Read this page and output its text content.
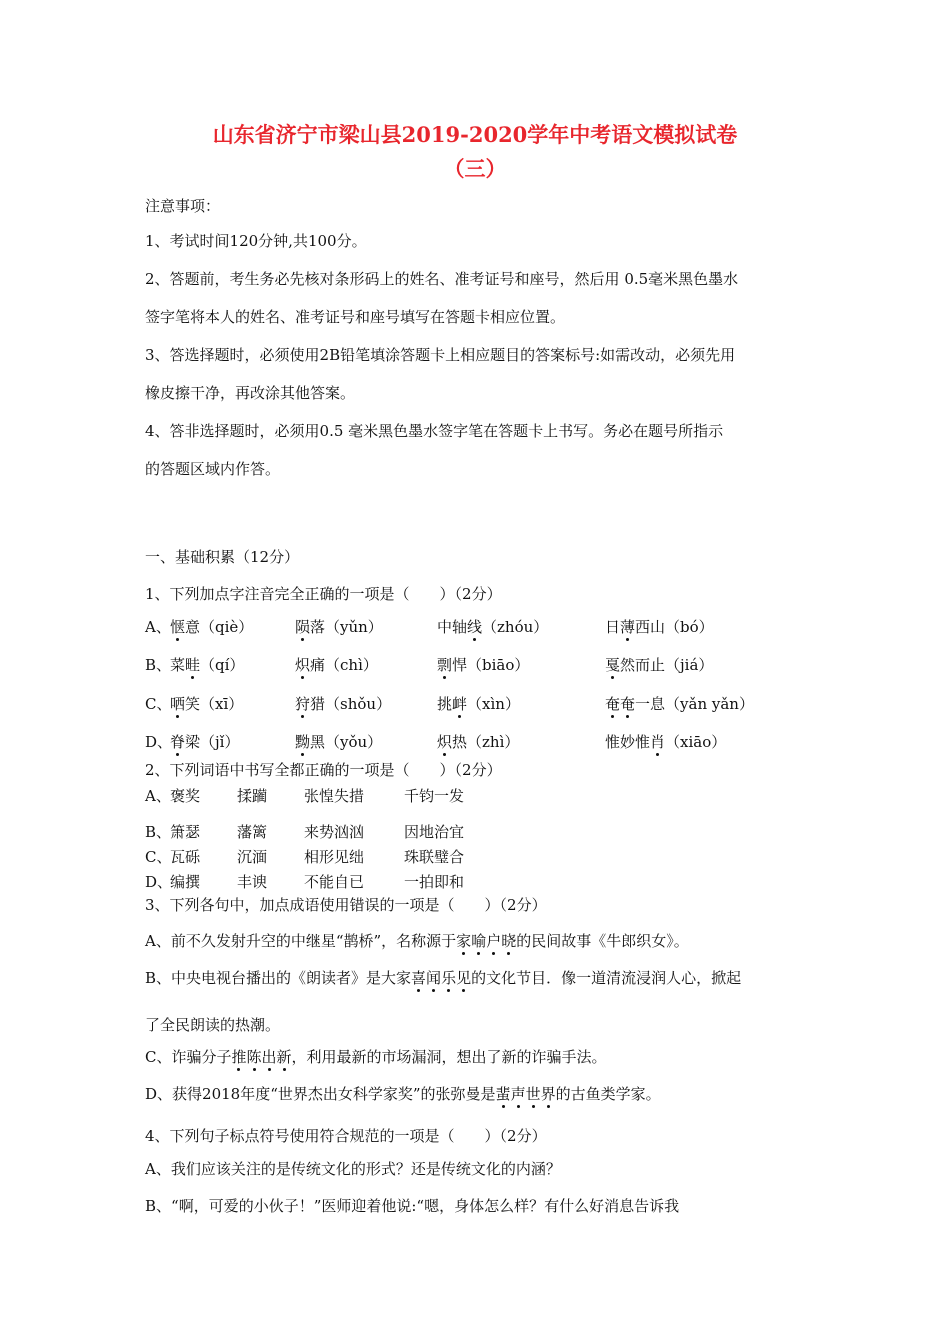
山东省济宁市梁山县2019-2020学年中考语文模拟试卷
（三）
注意事项：
1、考试时间120分钟,共100分。
2、答题前，考生务必先核对条形码上的姓名、准考证号和座号，然后用 0.5毫米黑色墨水
签字笔将本人的姓名、准考证号和座号填写在答题卡相应位置。
3、答选择题时，必须使用2B铅笔填涂答题卡上相应题目的答案标号:如需改动，必须先用
橡皮擦干净，再改涂其他答案。
4、答非选择题时，必须用0.5 毫米黑色墨水签字笔在答题卡上书写。务必在题号所指示
的答题区域内作答。
一、基础积累（12分）
1、下列加点字注音完全正确的一项是（　　）（2分）
A、 惬意（qiè）	陨落（yǔn）	中轴线（zhóu）	日薄西山（bó）
B、
菜畦（qí）	炽痛（chì）	剽悍（biāo）	戛然而止（jiá）
C、
哂笑（xī）	狩猎（shǒu）	挑衅（xìn）	奄奄一息（yǎn yǎn）
D、
脊梁（jǐ）	黝黑（yǒu）	炽热（zhì）	惟妙惟肖（xiāo）
2、下列词语中书写全都正确的一项是（　　）（2分）
A、 褒奖 揉躏 张惶失措	千钧一发
B、
箫瑟 藩篱 来势汹汹	因地治宜
C、
瓦砾 沉湎 相形见绌	珠联璧合
D、
编撰 丰谀 不能自已	一拍即和
3、下列各句中，加点成语使用错误的一项是（　　）（2分）
A、前不久发射升空的中继星“鹊桥”，名称源于家喻户晓的民间故事《牛郎织女》。
B、中央电视台播出的《朗读者》是大家喜闻乐见的文化节目．像一道清流浸润人心，掀起
了全民朗读的热潮。
C、诈骗分子推陈出新，利用最新的市场漏洞，想出了新的诈骗手法。
D、获得2018年度“世界杰出女科学家奖”的张弥曼是蜚声世界的古鱼类学家。
4、下列句子标点符号使用符合规范的一项是（　　）（2分）
A、我们应该关注的是传统文化的形式？还是传统文化的内涵？
B、“啊，可爱的小伙子！”医师迎着他说:“嗯，身体怎么样？有什么好消息告诉我
